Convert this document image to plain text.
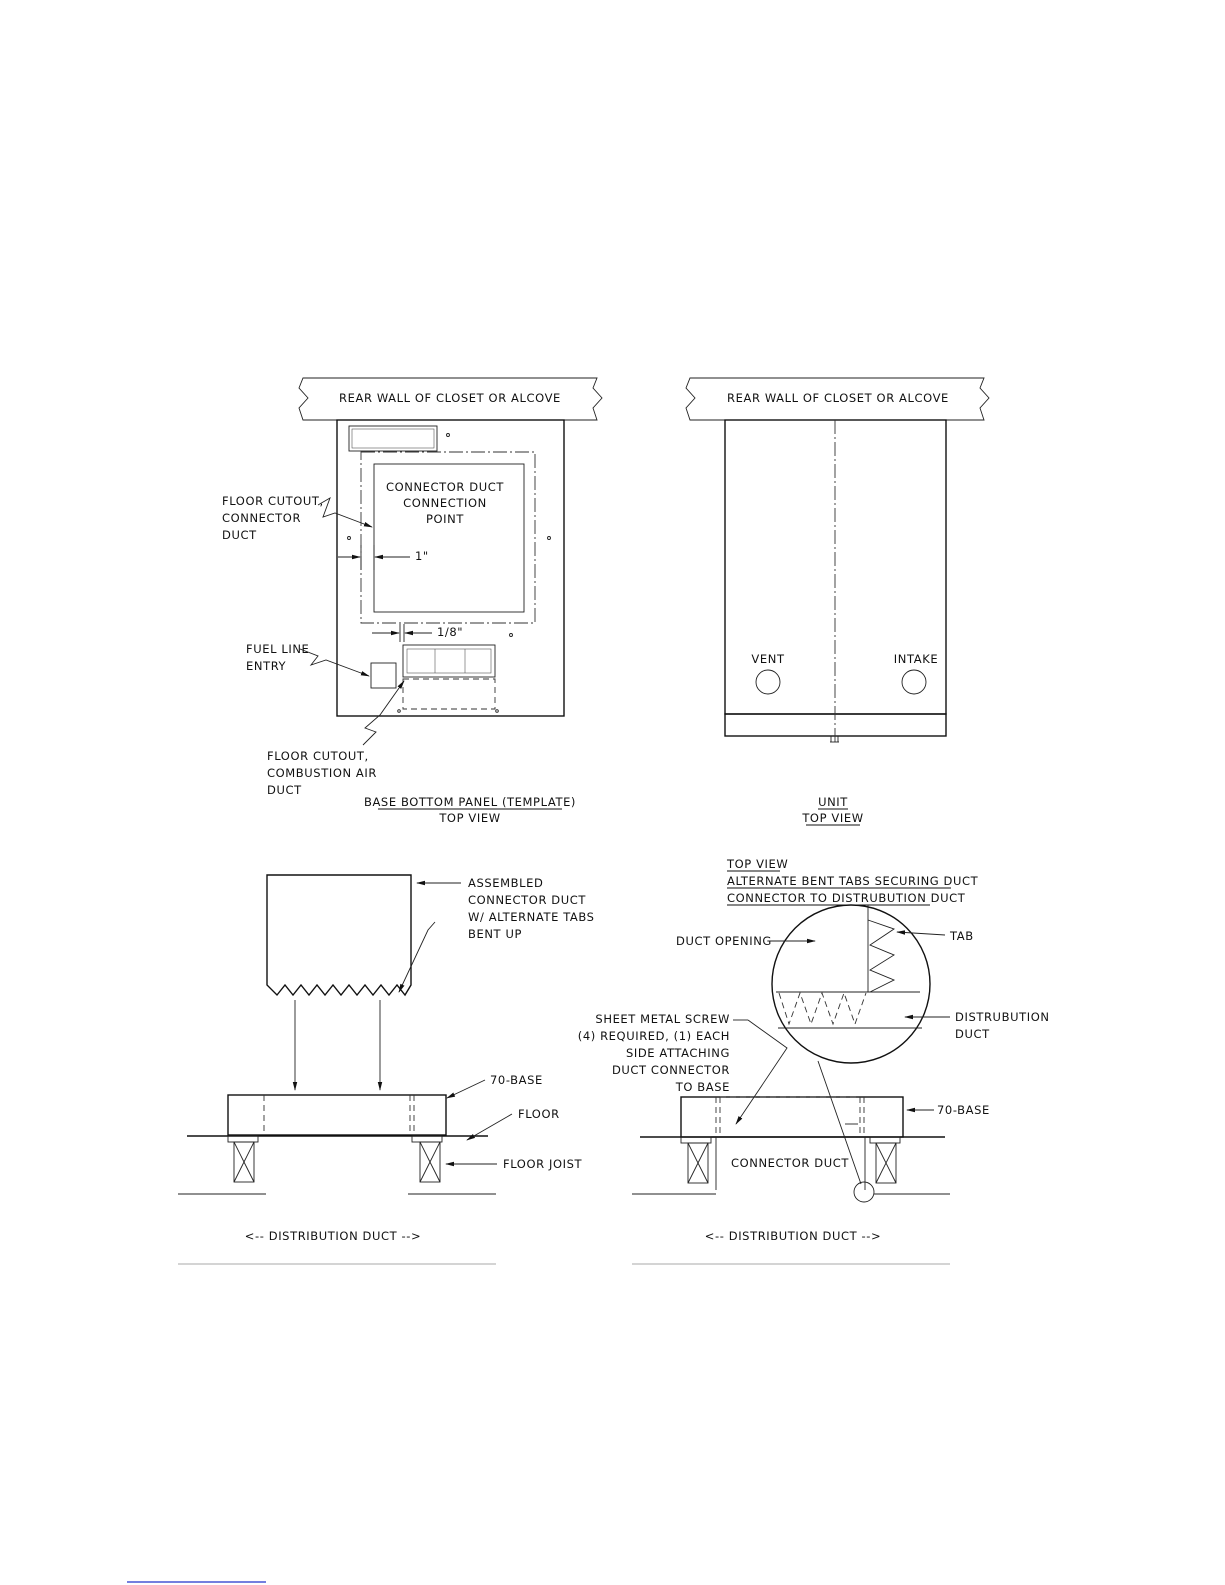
REAR WALL OF CLOSET OR ALCOVE
1"
1/8"
CONNECTOR DUCT
CONNECTION
POINT
FLOOR CUTOUT,
CONNECTOR
DUCT
FUEL LINE
ENTRY
FLOOR CUTOUT,
COMBUSTION AIR
DUCT
BASE BOTTOM PANEL (TEMPLATE)
TOP VIEW
REAR WALL OF CLOSET OR ALCOVE
VENT	INTAKE
UNIT
TOP VIEW
ASSEMBLED
CONNECTOR DUCT
W/ ALTERNATE TABS
BENT UP
70-BASE
FLOOR
FLOOR JOIST
<-- DISTRIBUTION DUCT -->
TOP VIEW
ALTERNATE BENT TABS SECURING DUCT
CONNECTOR TO DISTRUBUTION DUCT
DUCT OPENING	TAB
DISTRUBUTION
DUCT
SHEET METAL SCREW
(4) REQUIRED, (1) EACH
SIDE ATTACHING
DUCT CONNECTOR
TO BASE
70-BASE
CONNECTOR DUCT
<-- DISTRIBUTION DUCT -->
